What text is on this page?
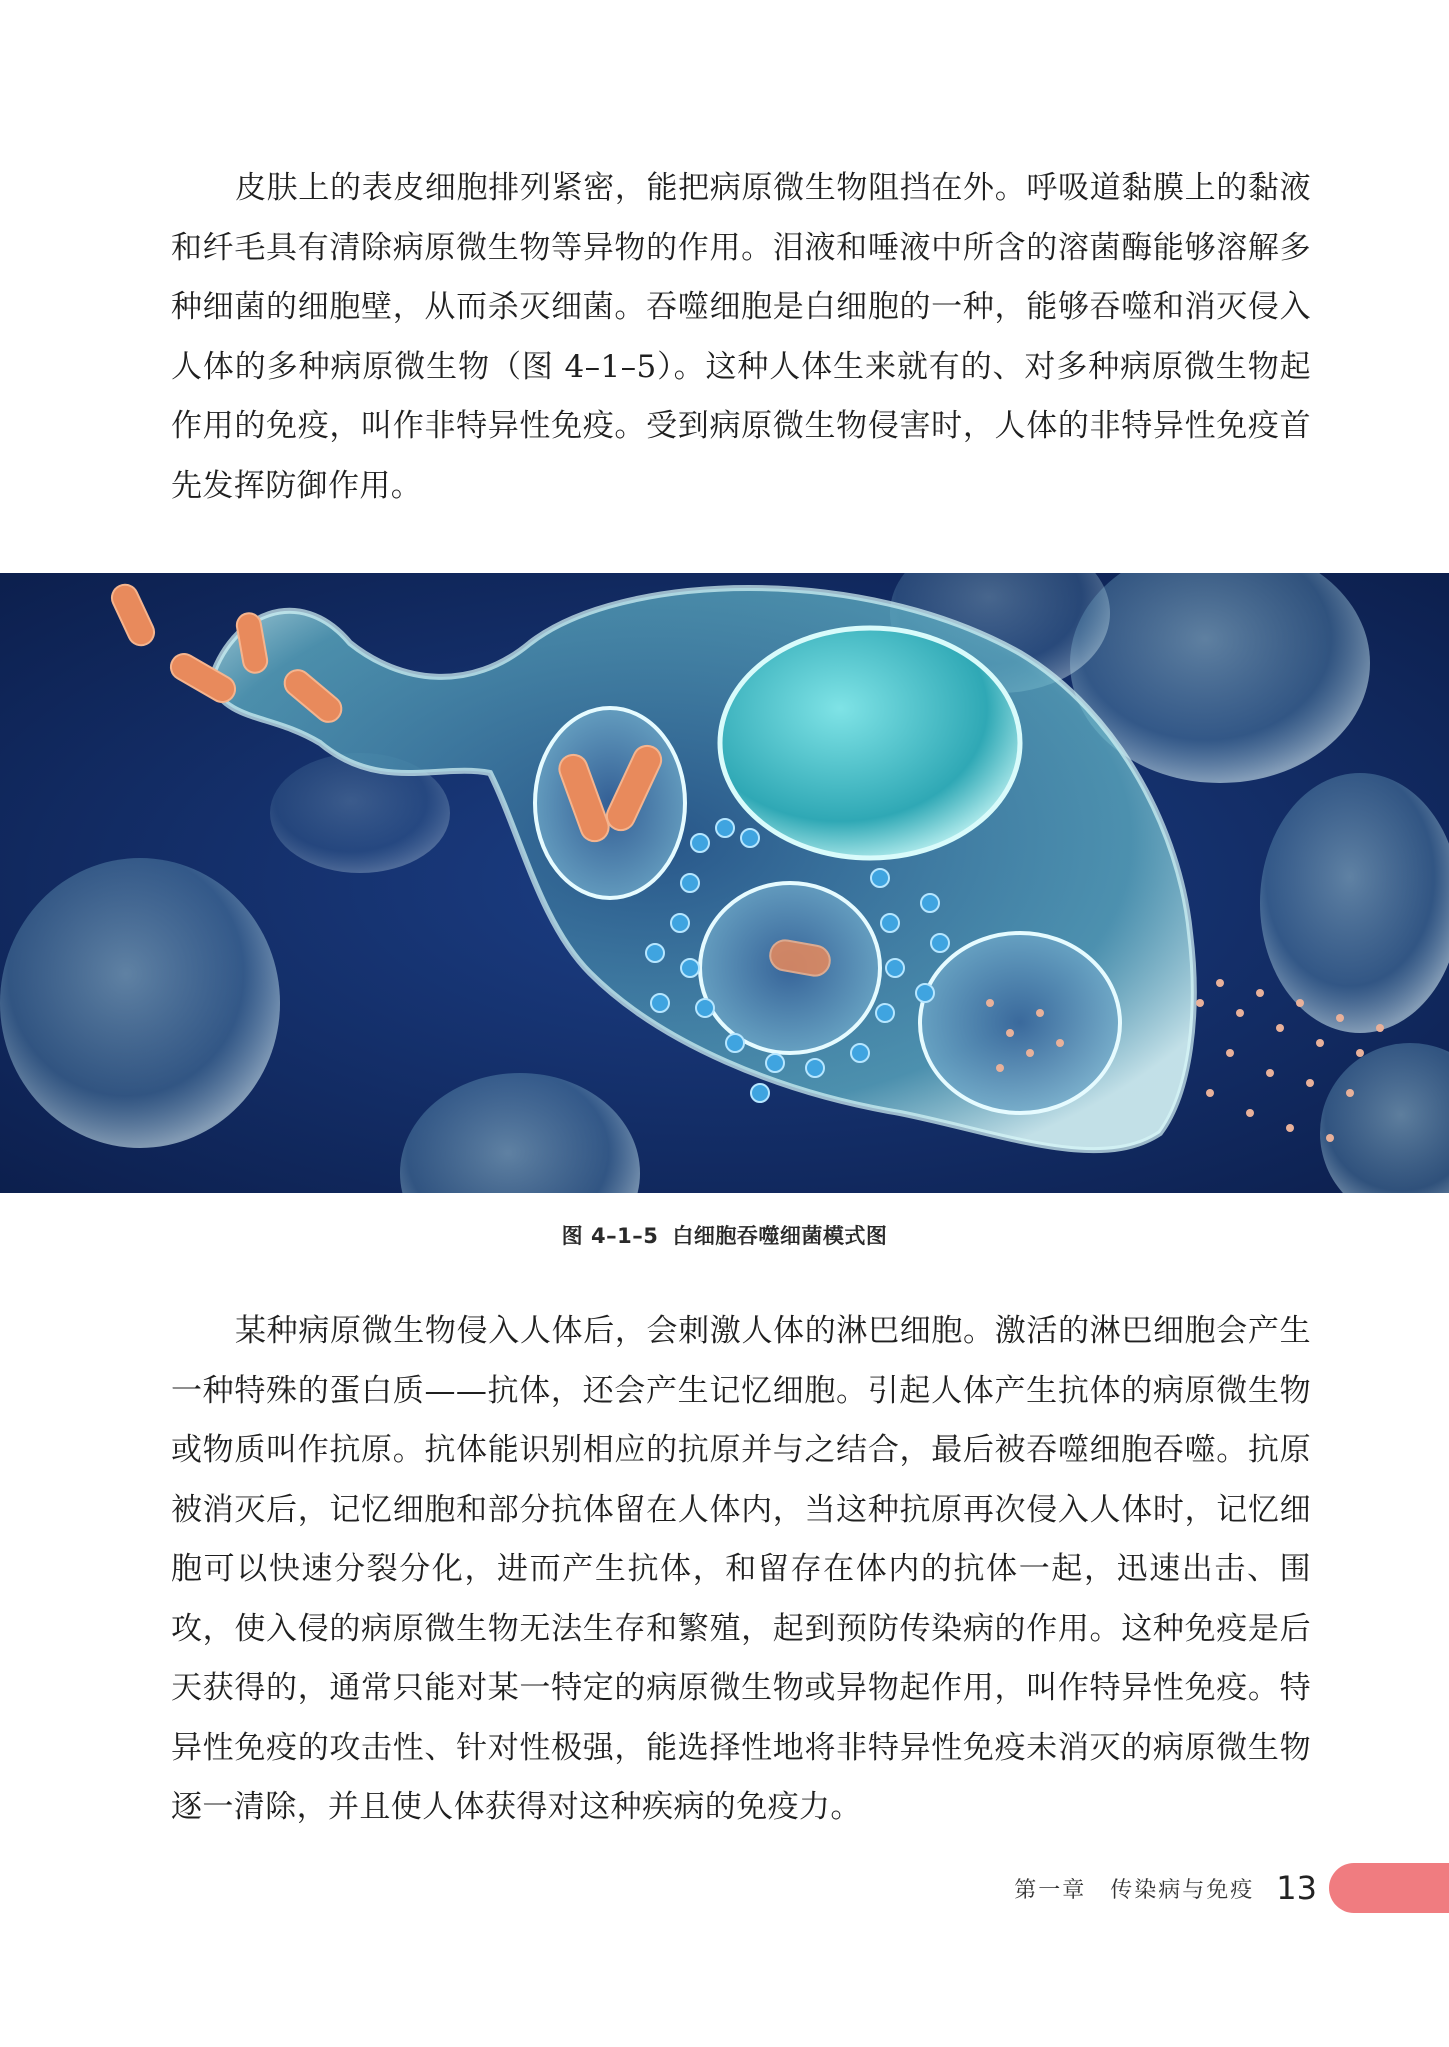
皮肤上的表皮细胞排列紧密，能把病原微生物阻挡在外。呼吸道黏膜上的黏液和纤毛具有清除病原微生物等异物的作用。泪液和唾液中所含的溶菌酶能够溶解多种细菌的细胞壁，从而杀灭细菌。吞噬细胞是白细胞的一种，能够吞噬和消灭侵入人体的多种病原微生物（图 4–1–5）。这种人体生来就有的、对多种病原微生物起作用的免疫，叫作非特异性免疫。受到病原微生物侵害时，人体的非特异性免疫首先发挥防御作用。

图 4–1–5 白细胞吞噬细菌模式图

某种病原微生物侵入人体后，会刺激人体的淋巴细胞。激活的淋巴细胞会产生一种特殊的蛋白质——抗体，还会产生记忆细胞。引起人体产生抗体的病原微生物或物质叫作抗原。抗体能识别相应的抗原并与之结合，最后被吞噬细胞吞噬。抗原被消灭后，记忆细胞和部分抗体留在人体内，当这种抗原再次侵入人体时，记忆细胞可以快速分裂分化，进而产生抗体，和留存在体内的抗体一起，迅速出击、围攻，使入侵的病原微生物无法生存和繁殖，起到预防传染病的作用。这种免疫是后天获得的，通常只能对某一特定的病原微生物或异物起作用，叫作特异性免疫。特异性免疫的攻击性、针对性极强，能选择性地将非特异性免疫未消灭的病原微生物逐一清除，并且使人体获得对这种疾病的免疫力。

第一章　传染病与免疫 13
